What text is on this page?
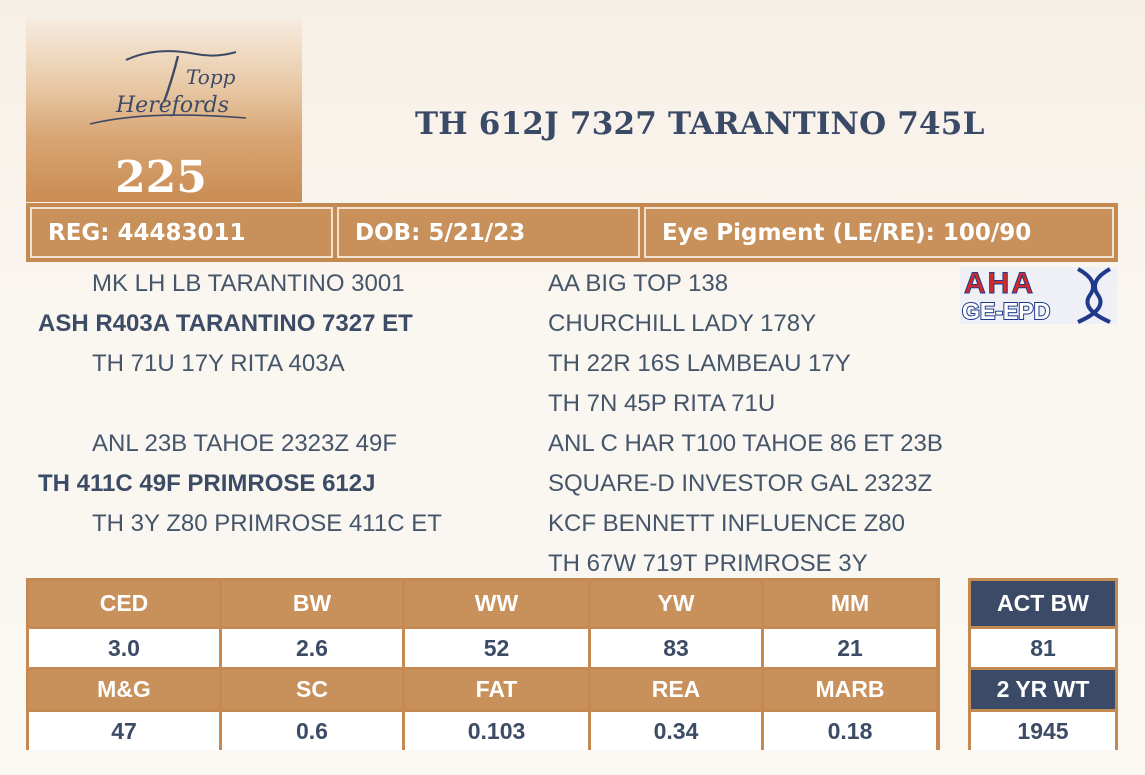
Topp
Herefords
225
TH 612J 7327 TARANTINO 745L
REG: 44483011	DOB: 5/21/23	Eye Pigment (LE/RE): 100/90
MK LH LB TARANTINO 3001
ASH R403A TARANTINO 7327 ET
TH 71U 17Y RITA 403A
ANL 23B TAHOE 2323Z 49F
TH 411C 49F PRIMROSE 612J
TH 3Y Z80 PRIMROSE 411C ET
AA BIG TOP 138
CHURCHILL LADY 178Y
TH 22R 16S LAMBEAU 17Y
TH 7N 45P RITA 71U
ANL C HAR T100 TAHOE 86 ET 23B
SQUARE-D INVESTOR GAL 2323Z
KCF BENNETT INFLUENCE Z80
TH 67W 719T PRIMROSE 3Y
AHA
GE-EPD
CED	BW	WW	YW	MM
3.0	2.6	52	83	21
M&G	SC	FAT	REA	MARB
47	0.6	0.103	0.34	0.18
ACT BW
81
2 YR WT
1945
